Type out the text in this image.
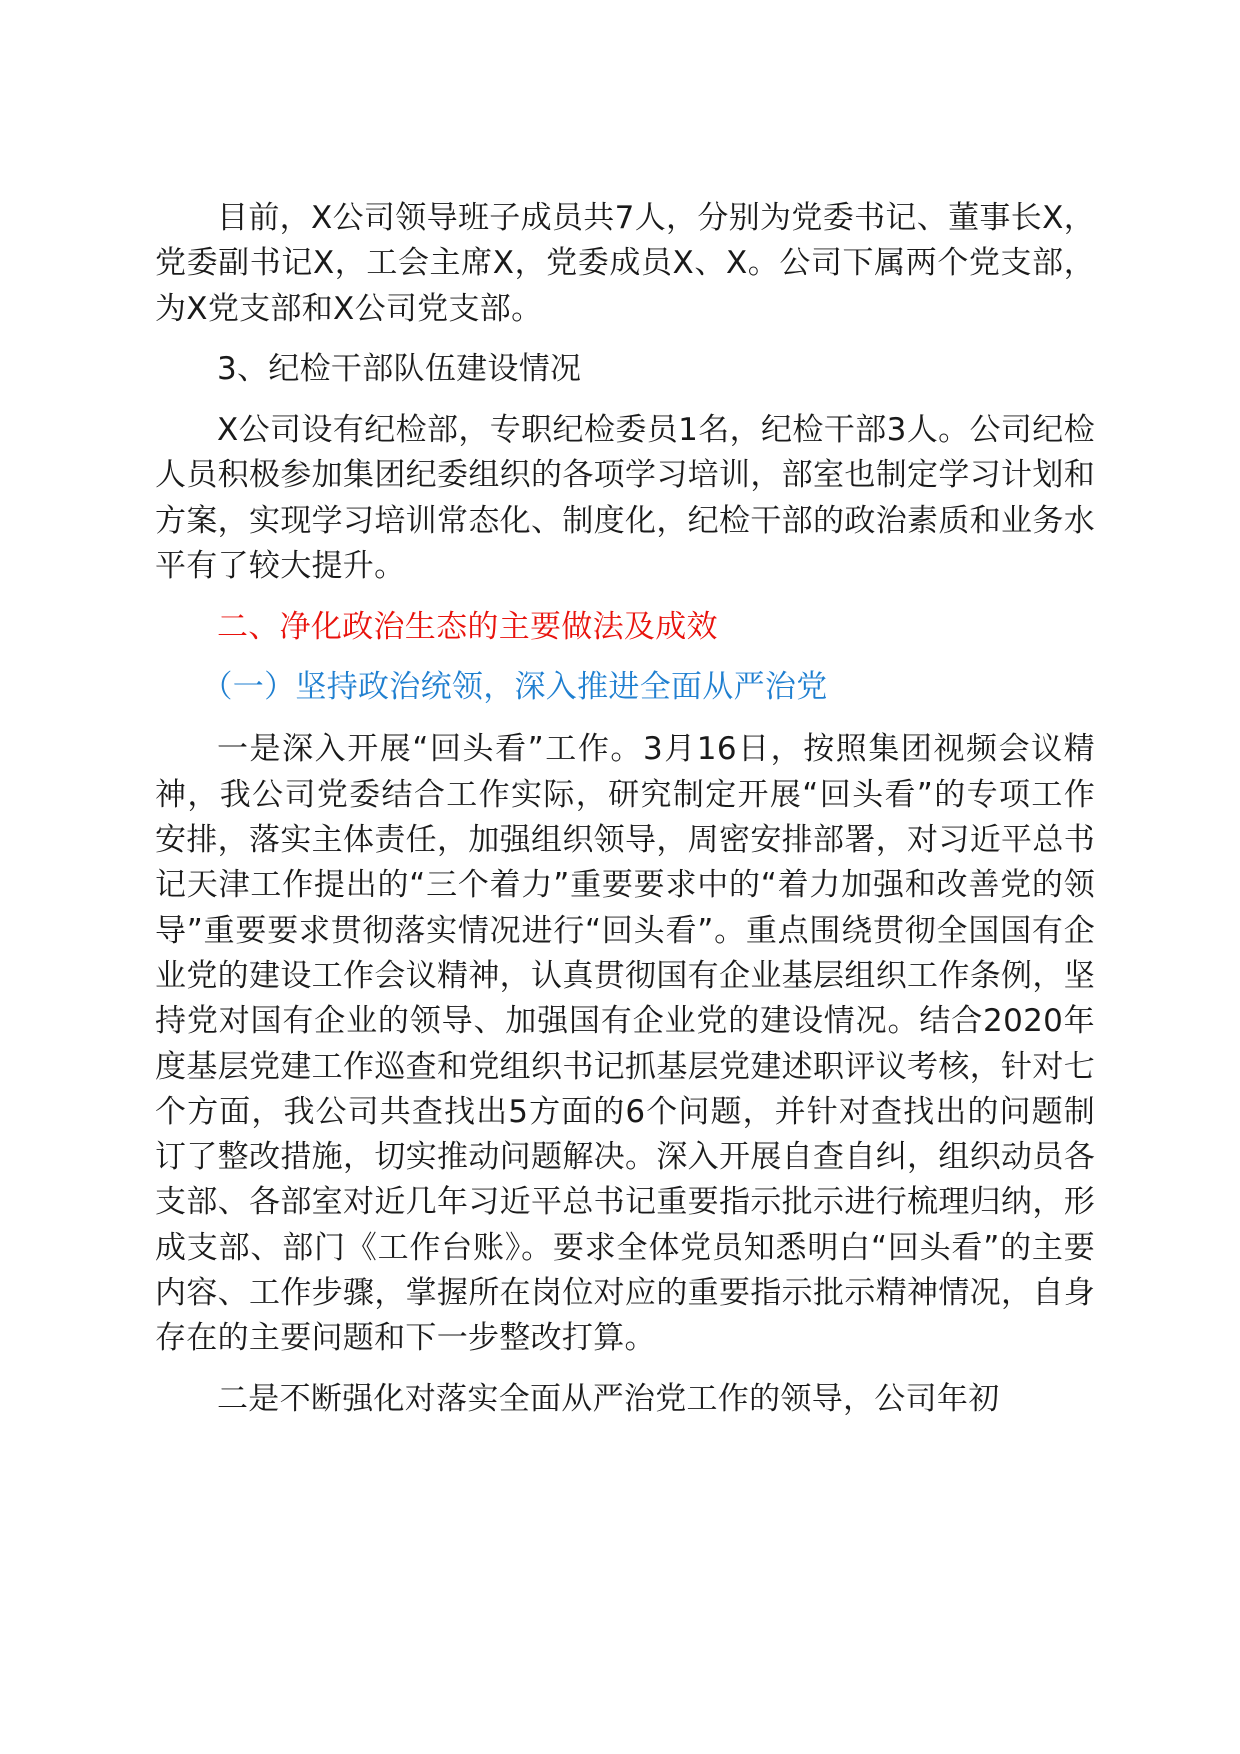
目前，X公司领导班子成员共7人，分别为党委书记、董事长X，党委副书记X，工会主席X，党委成员X、X。公司下属两个党支部，为X党支部和X公司党支部。

3、纪检干部队伍建设情况

X公司设有纪检部，专职纪检委员1名，纪检干部3人。公司纪检人员积极参加集团纪委组织的各项学习培训，部室也制定学习计划和方案，实现学习培训常态化、制度化，纪检干部的政治素质和业务水平有了较大提升。

二、净化政治生态的主要做法及成效

（一）坚持政治统领，深入推进全面从严治党

一是深入开展“回头看”工作。3月16日，按照集团视频会议精神，我公司党委结合工作实际，研究制定开展“回头看”的专项工作安排，落实主体责任，加强组织领导，周密安排部署，对习近平总书记天津工作提出的“三个着力”重要要求中的“着力加强和改善党的领导”重要要求贯彻落实情况进行“回头看”。重点围绕贯彻全国国有企业党的建设工作会议精神，认真贯彻国有企业基层组织工作条例，坚持党对国有企业的领导、加强国有企业党的建设情况。结合2020年度基层党建工作巡查和党组织书记抓基层党建述职评议考核，针对七个方面，我公司共查找出5方面的6个问题，并针对查找出的问题制订了整改措施，切实推动问题解决。深入开展自查自纠，组织动员各支部、各部室对近几年习近平总书记重要指示批示进行梳理归纳，形成支部、部门《工作台账》。要求全体党员知悉明白“回头看”的主要内容、工作步骤，掌握所在岗位对应的重要指示批示精神情况，自身存在的主要问题和下一步整改打算。

二是不断强化对落实全面从严治党工作的领导，公司年初
